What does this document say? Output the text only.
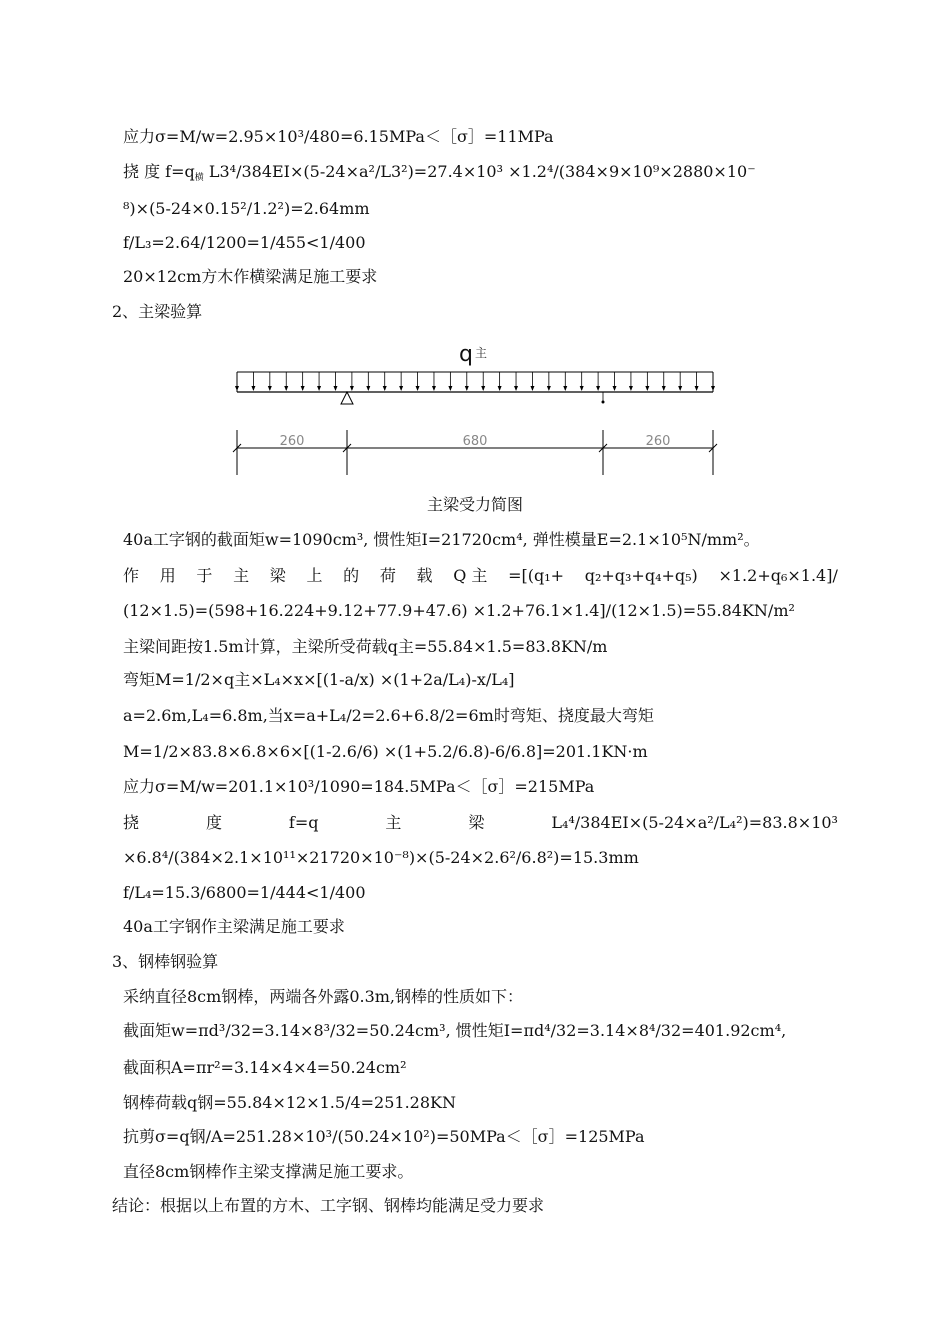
应力σ=M/w=2.95×10³/480=6.15MPa＜［σ］=11MPa
挠 度 $f=q_横$ L3⁴/384EI×(5-24×a²/L3²)=27.4×10³ ×1.2⁴/(384×9×10⁹×2880×10⁻
⁸)×(5-24×0.15²/1.2²)=2.64mm
f/L₃=2.64/1200=1/455<1/400
20×12cm方木作横梁满足施工要求
2、主梁验算
q 主
260	680	260
主梁受力简图
40a工字钢的截面矩w=1090cm³, 惯性矩I=21720cm⁴, 弹性模量E=2.1×10⁵N/mm²。
作 用 于 主 梁 上 的 荷 载 Q 主 =[(q₁+ q₂+q₃+q₄+q₅) ×1.2+q₆×1.4]/
(12×1.5)=(598+16.224+9.12+77.9+47.6) ×1.2+76.1×1.4]/(12×1.5)=55.84KN/m²
主梁间距按1.5m计算，主梁所受荷载q主=55.84×1.5=83.8KN/m
弯矩M=1/2×q主×L₄×x×[(1-a/x) ×(1+2a/L₄)-x/L₄]
a=2.6m,L₄=6.8m,当x=a+L₄/2=2.6+6.8/2=6m时弯矩、挠度最大弯矩
M=1/2×83.8×6.8×6×[(1-2.6/6) ×(1+5.2/6.8)-6/6.8]=201.1KN·m
应力σ=M/w=201.1×10³/1090=184.5MPa＜［σ］=215MPa
挠	度	f=q	主	梁	L₄⁴/384EI×(5-24×a²/L₄²)=83.8×10³
×6.8⁴/(384×2.1×10¹¹×21720×10⁻⁸)×(5-24×2.6²/6.8²)=15.3mm
f/L₄=15.3/6800=1/444<1/400
40a工字钢作主梁满足施工要求
3、钢棒钢验算
采纳直径8cm钢棒，两端各外露0.3m,钢棒的性质如下：
截面矩w=πd³/32=3.14×8³/32=50.24cm³, 惯性矩I=πd⁴/32=3.14×8⁴/32=401.92cm⁴,
截面积A=πr²=3.14×4×4=50.24cm²
钢棒荷载q钢=55.84×12×1.5/4=251.28KN
抗剪σ=q钢/A=251.28×10³/(50.24×10²)=50MPa＜［σ］=125MPa
直径8cm钢棒作主梁支撑满足施工要求。
结论：根据以上布置的方木、工字钢、钢棒均能满足受力要求
